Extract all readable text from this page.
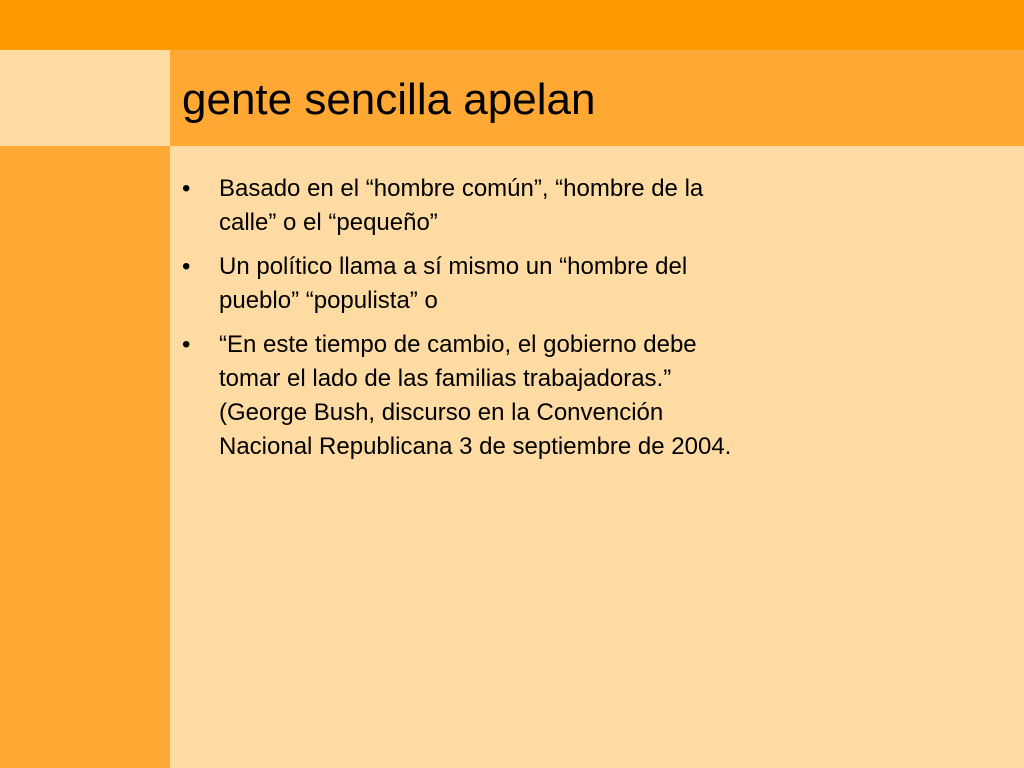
gente sencilla apelan
• Basado en el “hombre común”, “hombre de la calle” o el “pequeño”
• Un político llama a sí mismo un “hombre del pueblo” “populista” o
• “En este tiempo de cambio, el gobierno debe tomar el lado de las familias trabajadoras.” (George Bush, discurso en la Convención Nacional Republicana 3 de septiembre de 2004.
